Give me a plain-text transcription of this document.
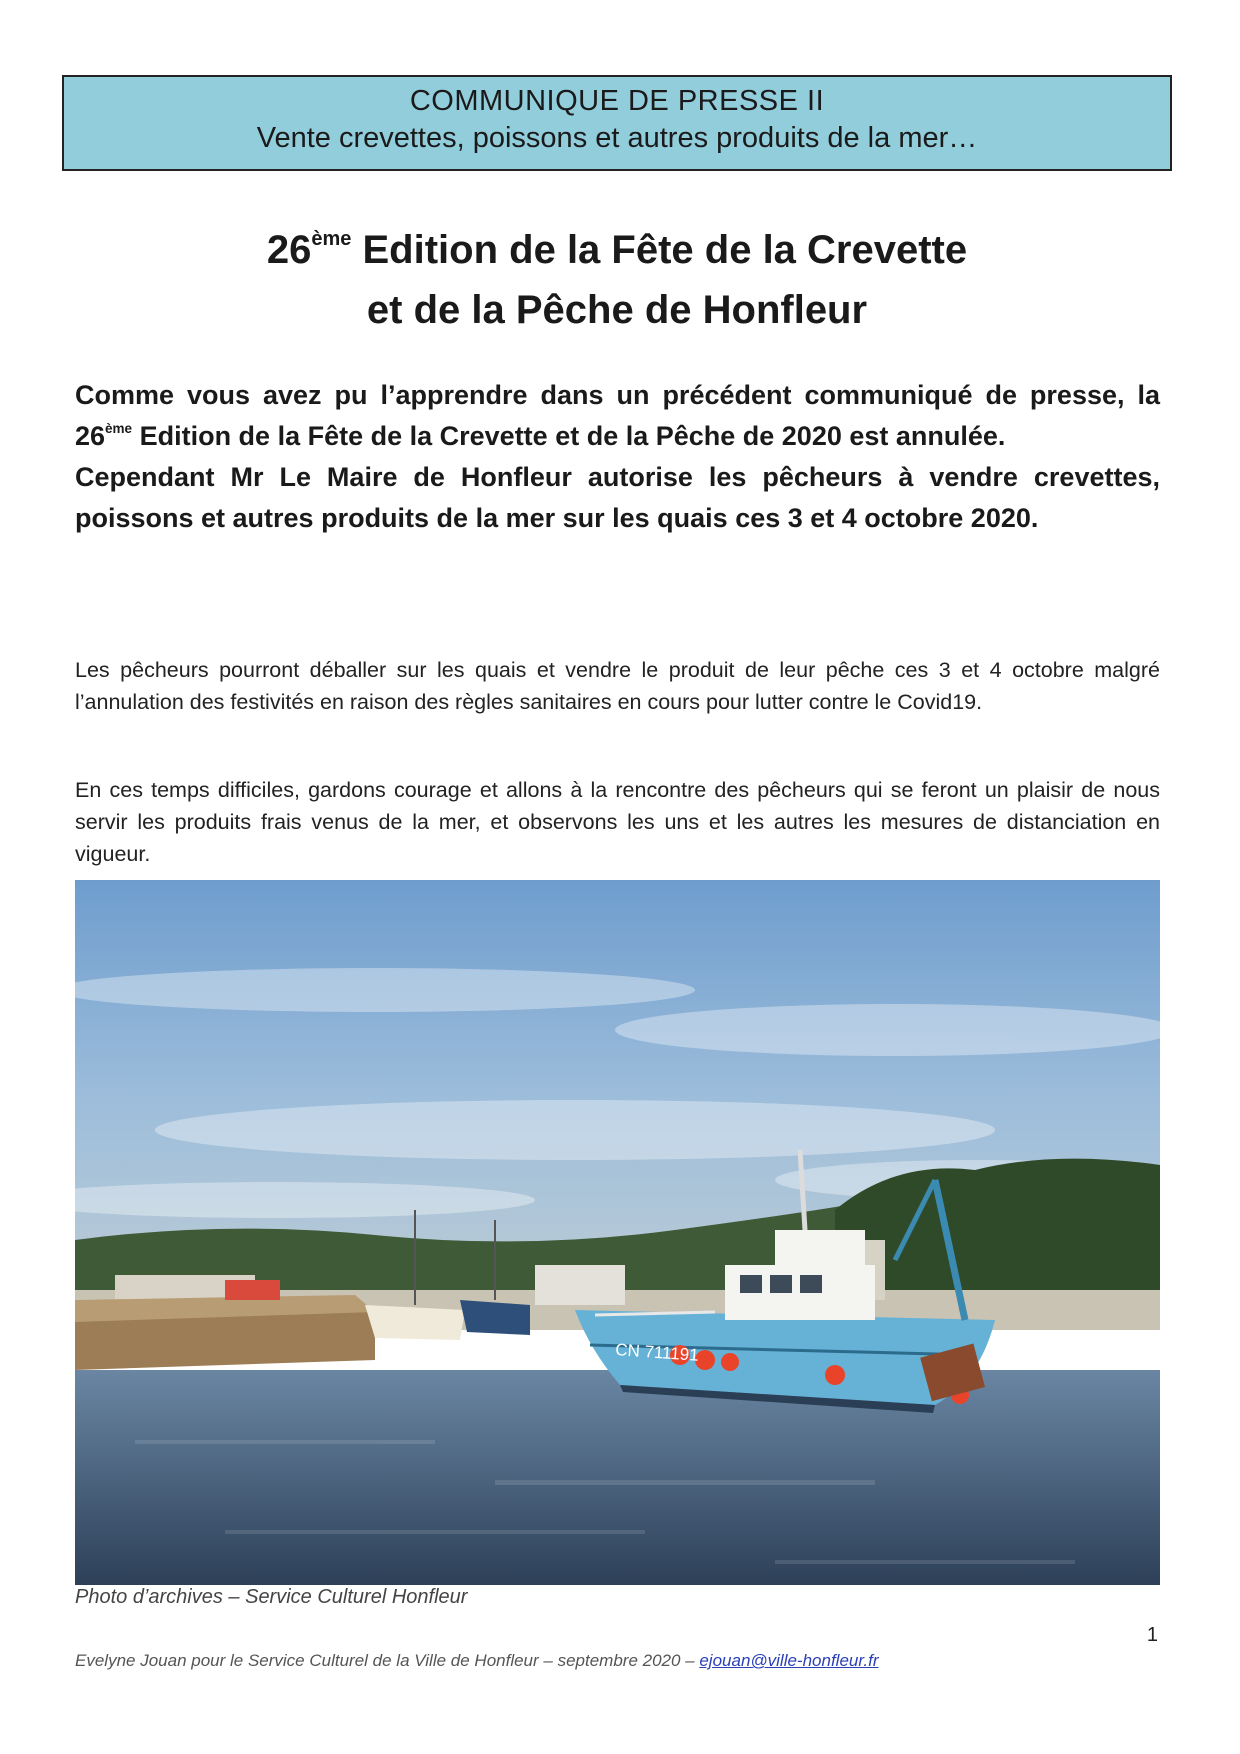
COMMUNIQUE DE PRESSE II
Vente crevettes, poissons et autres produits de la mer…
26ème Edition de la Fête de la Crevette
et de la Pêche de Honfleur

Comme vous avez pu l’apprendre dans un précédent communiqué de presse, la 26ème Edition de la Fête de la Crevette et de la Pêche de 2020 est annulée.

Cependant Mr Le Maire de Honfleur autorise les pêcheurs à vendre crevettes, poissons et autres produits de la mer sur les quais ces 3 et 4 octobre 2020.

Les pêcheurs pourront déballer sur les quais et vendre le produit de leur pêche ces 3 et 4 octobre malgré l’annulation des festivités en raison des règles sanitaires en cours pour lutter contre le Covid19.
En ces temps difficiles, gardons courage et allons à la rencontre des pêcheurs qui se feront un plaisir de nous servir les produits frais venus de la mer, et observons les uns et les autres les mesures de distanciation en vigueur.
CN 711191
Photo d’archives – Service Culturel Honfleur
1
Evelyne Jouan pour le Service Culturel de la Ville de Honfleur – septembre 2020 – ejouan@ville-honfleur.fr
